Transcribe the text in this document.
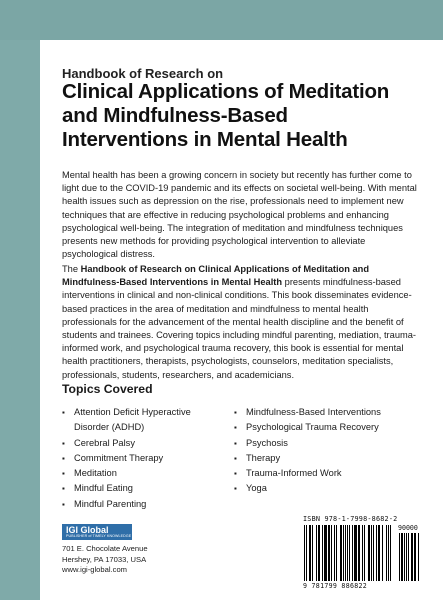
Handbook of Research on
Clinical Applications of Meditation
and Mindfulness-Based
Interventions in Mental Health
Mental health has been a growing concern in society but recently has further come to light due to the COVID-19 pandemic and its effects on societal well-being. With mental health issues such as depression on the rise, professionals need to implement new techniques that are effective in reducing psychological problems and enhancing psychological well-being. The integration of meditation and mindfulness techniques presents new methods for providing psychological intervention to alleviate psychological distress.
The Handbook of Research on Clinical Applications of Meditation and Mindfulness-Based Interventions in Mental Health presents mindfulness-based interventions in clinical and non-clinical conditions. This book disseminates evidence-based practices in the area of meditation and mindfulness to mental health professionals for the advancement of the mental health discipline and the benefit of students and trainees. Covering topics including mindful parenting, mediation, trauma-informed work, and psychological trauma recovery, this book is essential for mental health practitioners, therapists, psychologists, counselors, meditation specialists, professionals, students, researchers, and academicians.
Topics Covered
▪ Attention Deficit Hyperactive Disorder (ADHD)
▪ Cerebral Palsy
▪ Commitment Therapy
▪ Meditation
▪ Mindful Eating
▪ Mindful Parenting
▪ Mindfulness-Based Interventions
▪ Psychological Trauma Recovery
▪ Psychosis
▪ Therapy
▪ Trauma-Informed Work
▪ Yoga
IGI Global
PUBLISHER of TIMELY KNOWLEDGE
701 E. Chocolate Avenue
Hershey, PA 17033, USA
www.igi-global.com
ISBN 978-1-7998-8682-2
90000
9 781799 886822
